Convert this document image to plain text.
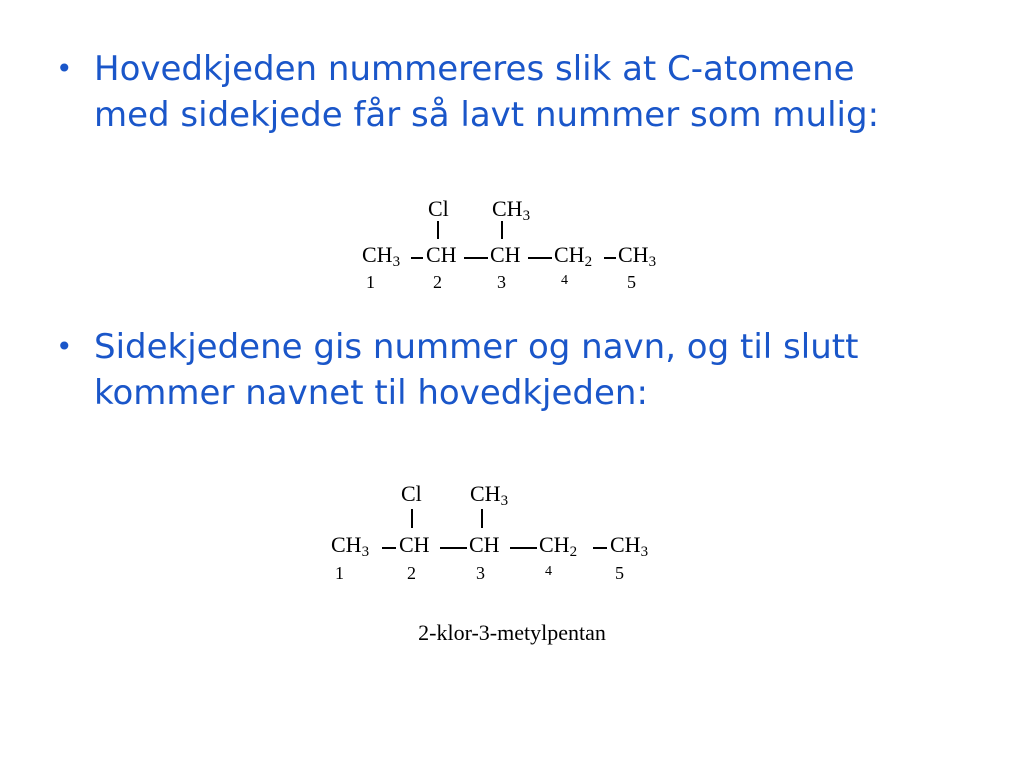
• Hovedkjeden nummereres slik at C-atomene
med sidekjede får så lavt nummer som mulig:
Cl $CH_3$
$CH_3$ CH CH $CH_2$ $CH_3$
1	2	3	4	5
• Sidekjedene gis nummer og navn, og til slutt
kommer navnet til hovedkjeden:
Cl $CH_3$
$CH_3$ CH CH $CH_2$ $CH_3$
1	2	3	4	5
2-klor-3-metylpentan
